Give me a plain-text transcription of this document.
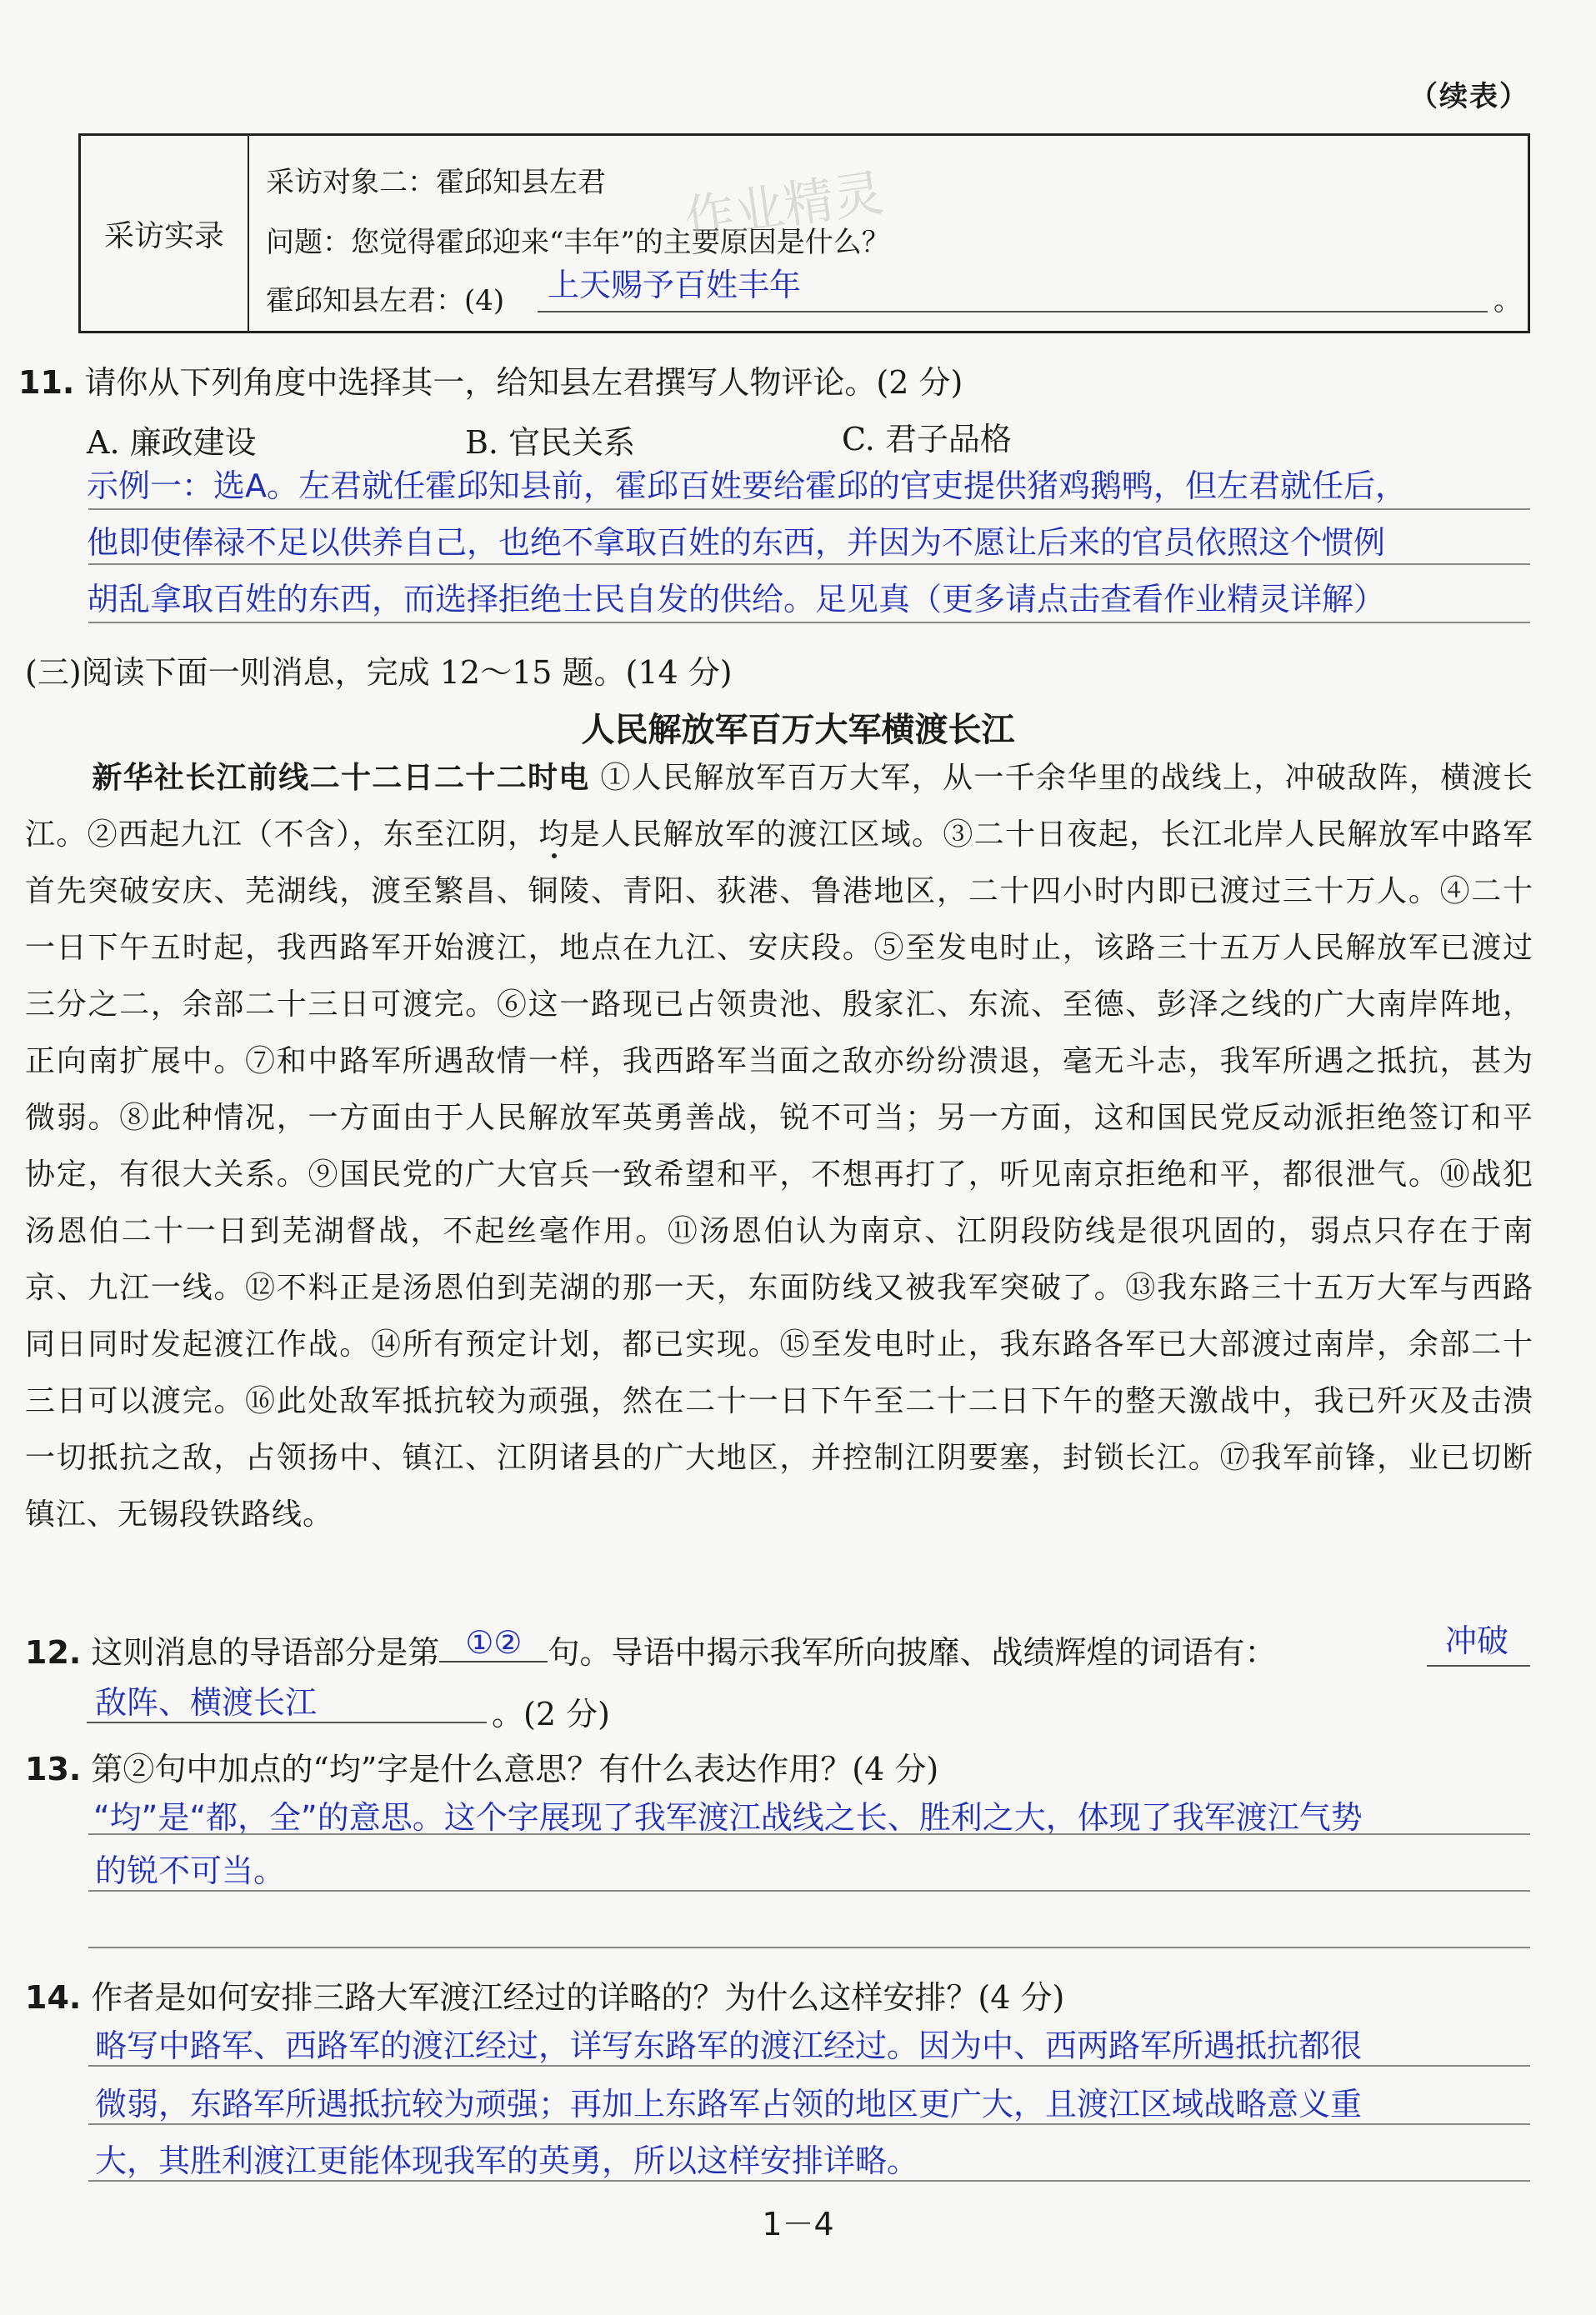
（续表）
采访实录
采访对象二：霍邱知县左君
问题：您觉得霍邱迎来“丰年”的主要原因是什么？
霍邱知县左君：(4) 上天赐予百姓丰年	。
11. 请你从下列角度中选择其一，给知县左君撰写人物评论。(2 分)
A. 廉政建设	B. 官民关系	C. 君子品格
示例一：选A。左君就任霍邱知县前，霍邱百姓要给霍邱的官吏提供猪鸡鹅鸭，但左君就任后，
他即使俸禄不足以供养自己，也绝不拿取百姓的东西，并因为不愿让后来的官员依照这个惯例
胡乱拿取百姓的东西，而选择拒绝士民自发的供给。足见真（更多请点击查看作业精灵详解）
(三)阅读下面一则消息，完成 12～15 题。(14 分)
人民解放军百万大军横渡长江
新华社长江前线二十二日二十二时电 ①人民解放军百万大军，从一千余华里的战线上，冲破敌阵，横渡长江。②西起九江（不含），东至江阴，均是人民解放军的渡江区域。③二十日夜起，长江北岸人民解放军中路军首先突破安庆、芜湖线，渡至繁昌、铜陵、青阳、荻港、鲁港地区，二十四小时内即已渡过三十万人。④二十一日下午五时起，我西路军开始渡江，地点在九江、安庆段。⑤至发电时止，该路三十五万人民解放军已渡过三分之二，余部二十三日可渡完。⑥这一路现已占领贵池、殷家汇、东流、至德、彭泽之线的广大南岸阵地，正向南扩展中。⑦和中路军所遇敌情一样，我西路军当面之敌亦纷纷溃退，毫无斗志，我军所遇之抵抗，甚为微弱。⑧此种情况，一方面由于人民解放军英勇善战，锐不可当；另一方面，这和国民党反动派拒绝签订和平协定，有很大关系。⑨国民党的广大官兵一致希望和平，不想再打了，听见南京拒绝和平，都很泄气。⑩战犯汤恩伯二十一日到芜湖督战，不起丝毫作用。⑪汤恩伯认为南京、江阴段防线是很巩固的，弱点只存在于南京、九江一线。⑫不料正是汤恩伯到芜湖的那一天，东面防线又被我军突破了。⑬我东路三十五万大军与西路同日同时发起渡江作战。⑭所有预定计划，都已实现。⑮至发电时止，我东路各军已大部渡过南岸，余部二十三日可以渡完。⑯此处敌军抵抗较为顽强，然在二十一日下午至二十二日下午的整天激战中，我已歼灭及击溃一切抵抗之敌，占领扬中、镇江、江阴诸县的广大地区，并控制江阴要塞，封锁长江。⑰我军前锋，业已切断镇江、无锡段铁路线。
12. 这则消息的导语部分是第 ①② 句。导语中揭示我军所向披靡、战绩辉煌的词语有：	冲破
敌阵、横渡长江	。(2 分)
13. 第②句中加点的“均”字是什么意思？有什么表达作用？(4 分)
“均”是“都，全”的意思。这个字展现了我军渡江战线之长、胜利之大，体现了我军渡江气势
的锐不可当。
14. 作者是如何安排三路大军渡江经过的详略的？为什么这样安排？(4 分)
略写中路军、西路军的渡江经过，详写东路军的渡江经过。因为中、西两路军所遇抵抗都很
微弱，东路军所遇抵抗较为顽强；再加上东路军占领的地区更广大，且渡江区域战略意义重
大，其胜利渡江更能体现我军的英勇，所以这样安排详略。
作业精灵
1－4
